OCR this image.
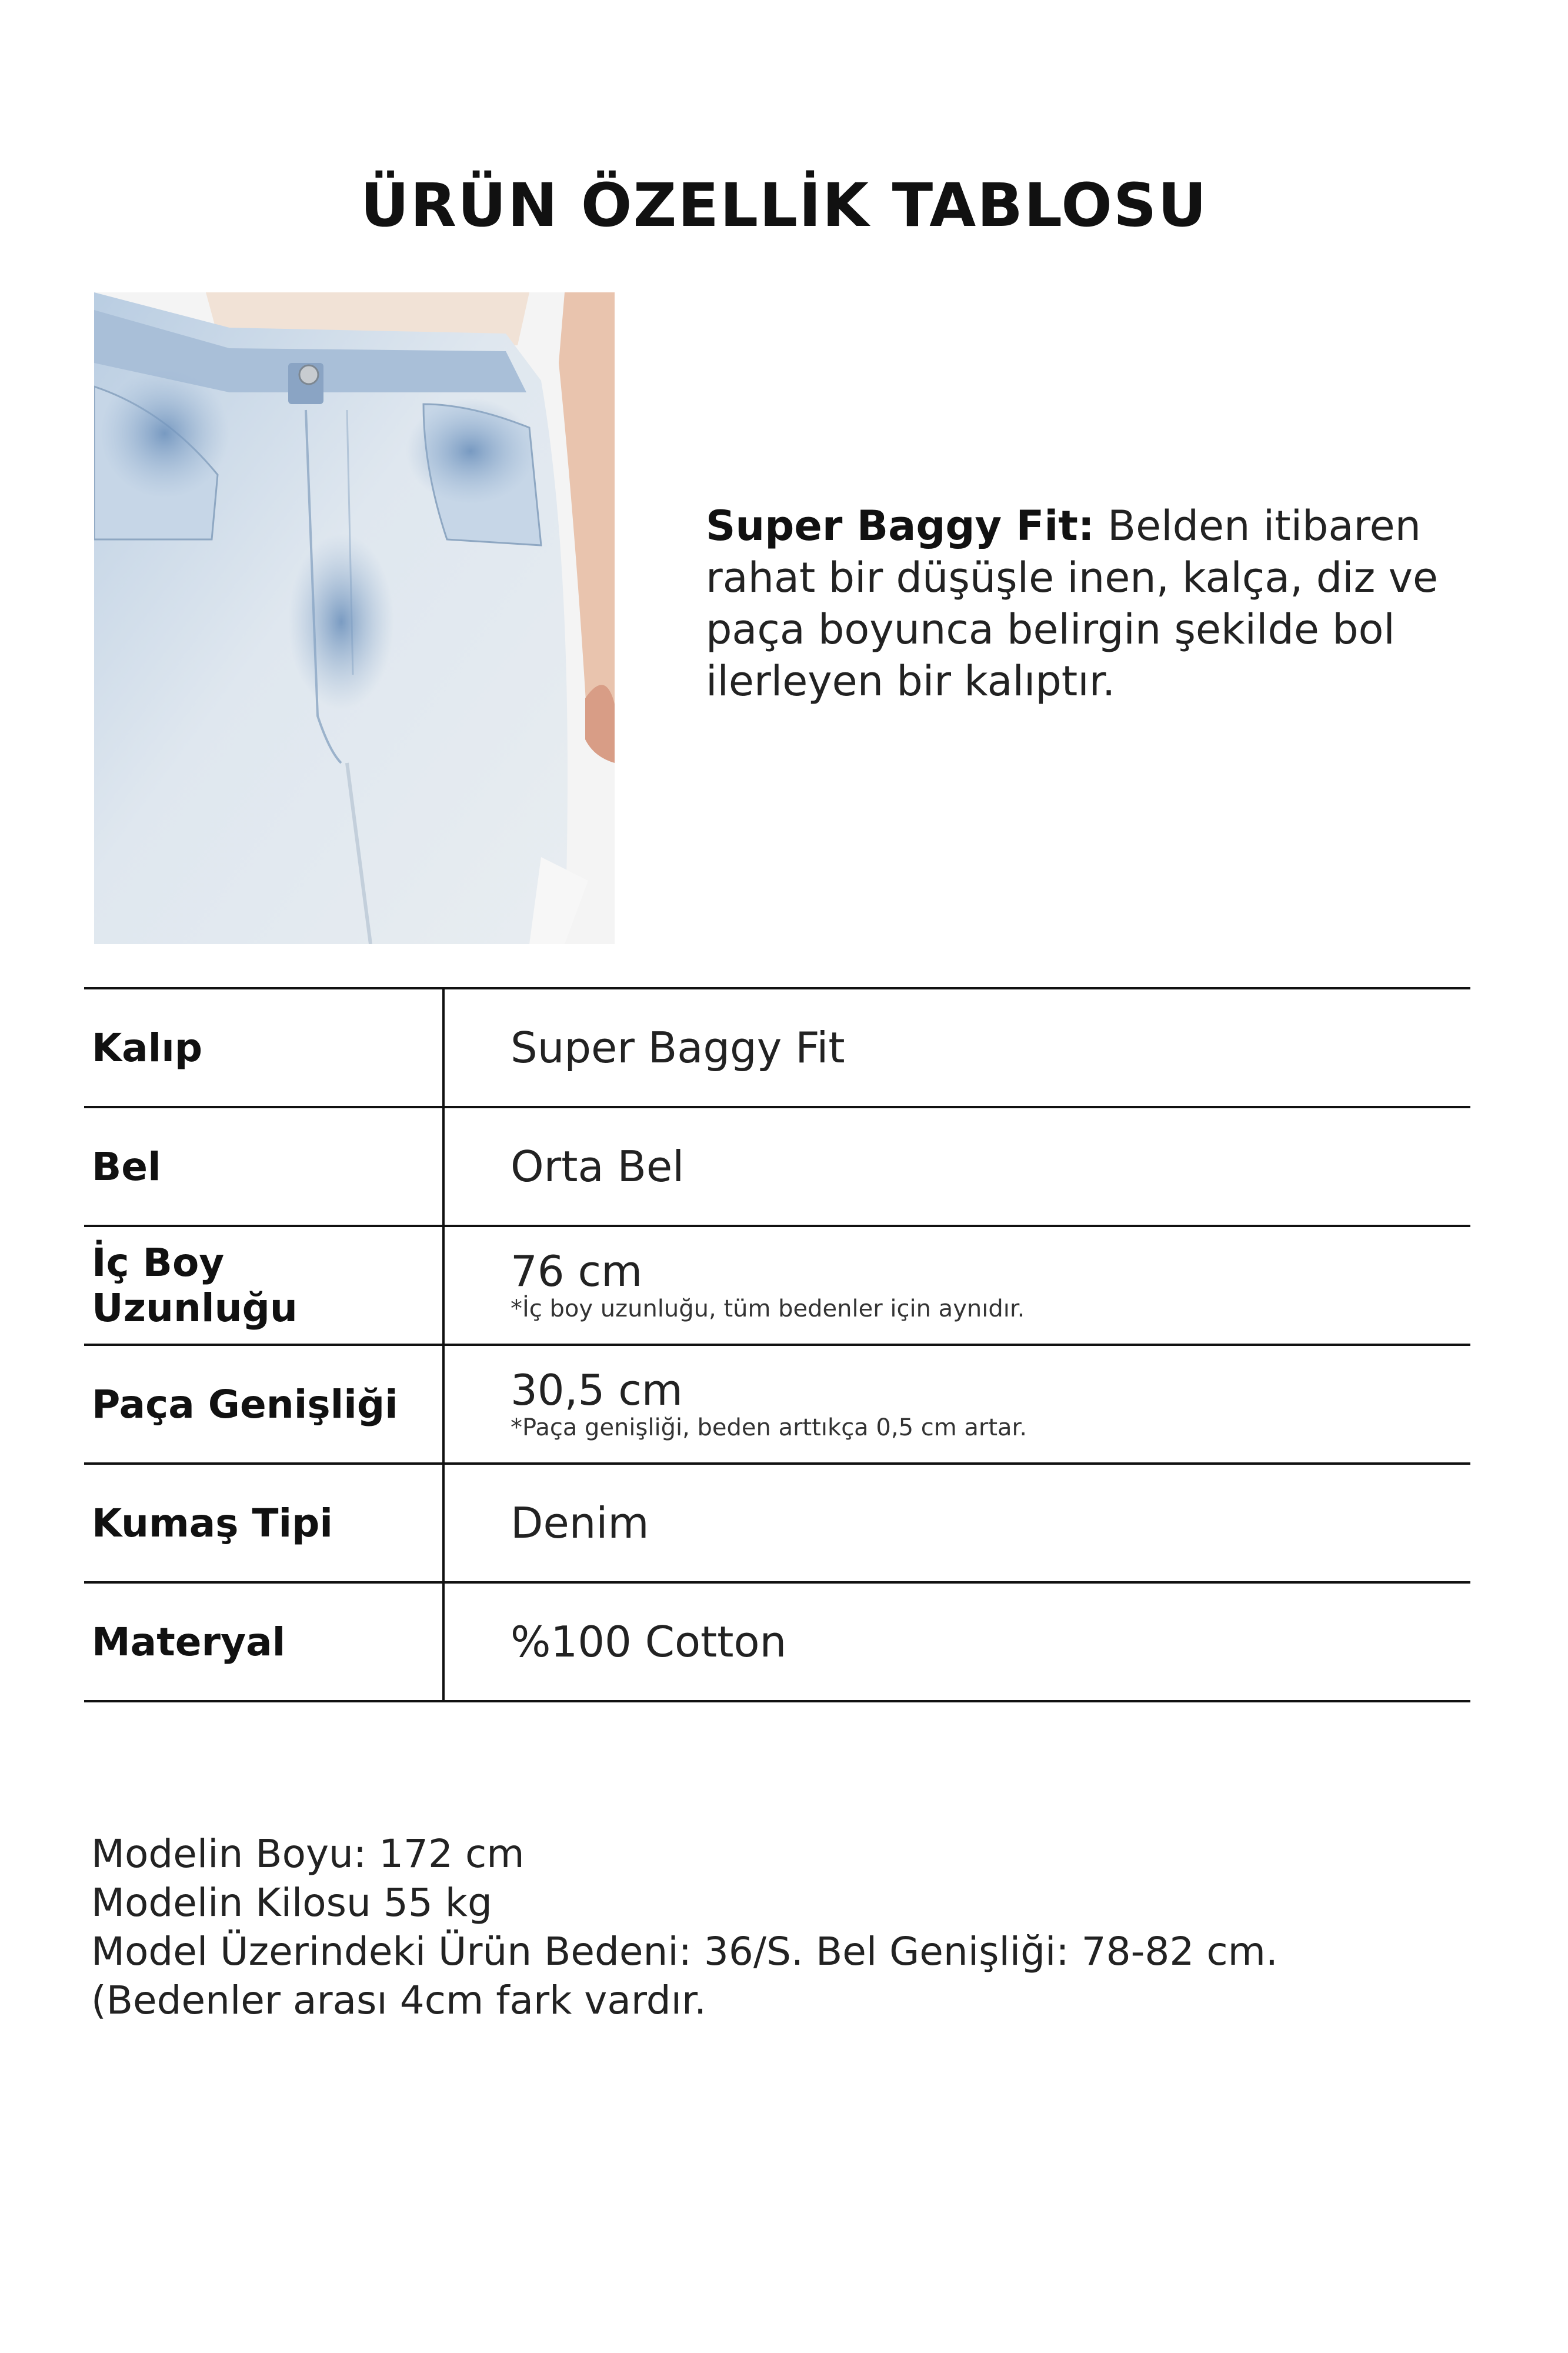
ÜRÜN ÖZELLİK TABLOSU
Super Baggy Fit: Belden itibaren rahat bir düşüşle inen, kalça, diz ve paça boyunca belirgin şekilde bol ilerleyen bir kalıptır.
Kalıp	Super Baggy Fit

Bel	Orta Bel

İç Boy Uzunluğu	76 cm
*İç boy uzunluğu, tüm bedenler için aynıdır.

Paça Genişliği	30,5 cm
*Paça genişliği, beden arttıkça 0,5 cm artar.

Kumaş Tipi	Denim

Materyal	%100 Cotton
Modelin Boyu: 172 cm
Modelin Kilosu 55 kg
Model Üzerindeki Ürün Bedeni: 36/S. Bel Genişliği: 78-82 cm. (Bedenler arası 4cm fark vardır.
